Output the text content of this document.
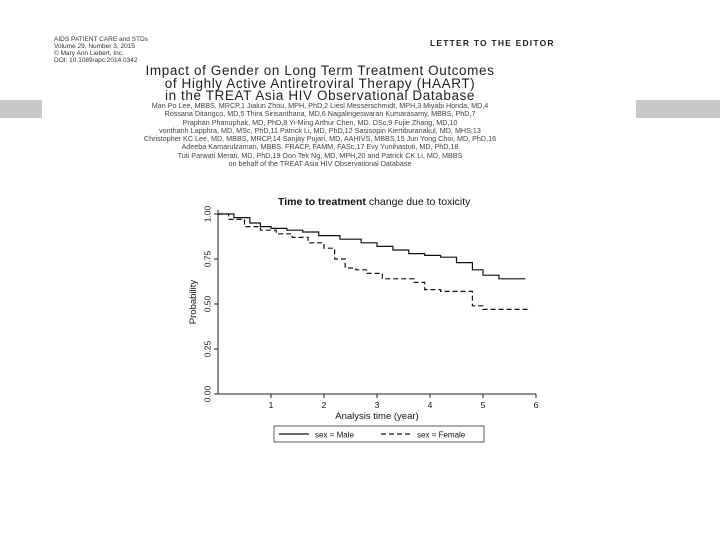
AIDS PATIENT CARE and STDs
Volume 29, Number 3, 2015
© Mary Ann Liebert, Inc.
DOI: 10.1089/apc.2014.0342
LETTER TO THE EDITOR
Impact of Gender on Long Term Treatment Outcomes
of Highly Active Antiretroviral Therapy (HAART)
in the TREAT Asia HIV Observational Database
Man Po Lee, MBBS, MRCP,1 Jialun Zhou, MPH, PhD,2 Liesl Messerschmidt, MPH,3 Miyabi Honda, MD,4
Rossana Ditangco, MD,5 Thira Sirisanthana, MD,6 Nagalingeswaran Kumarasamy, MBBS, PhD,7
Praphan Phanuphak, MD, PhD,8 Yi-Ming Arthur Chen, MD, DSc,9 Fujie Zhang, MD,10
vonthanh Lapphra, MD, MSc, PhD,11 Patrick Li, MD, PhD,12 Sasisopin Kiertiburanakul, MD, MHS,13
Christopher KC Lee, MD, MBBS, MRCP,14 Sanjay Pujari, MD, AAHIVS, MBBS,15 Jun Yong Choi, MD, PhD,16
Adeeba Kamarulzaman, MBBS, FRACP, FAMM, FASc,17 Evy Yunihastuti, MD, PhD,18
Tuti Parwati Merati, MD, PhD,19 Oon Tek Ng, MD, MPH,20 and Patrick CK Li, MD, MBBS
on behalf of the TREAT Asia HIV Observational Database
Time to treatment change due to toxicity
0.00
0.25
0.50
0.75
1.00
1	2	3	4	5	6
Analysis time (year)
Probability
sex = Male	sex = Female
